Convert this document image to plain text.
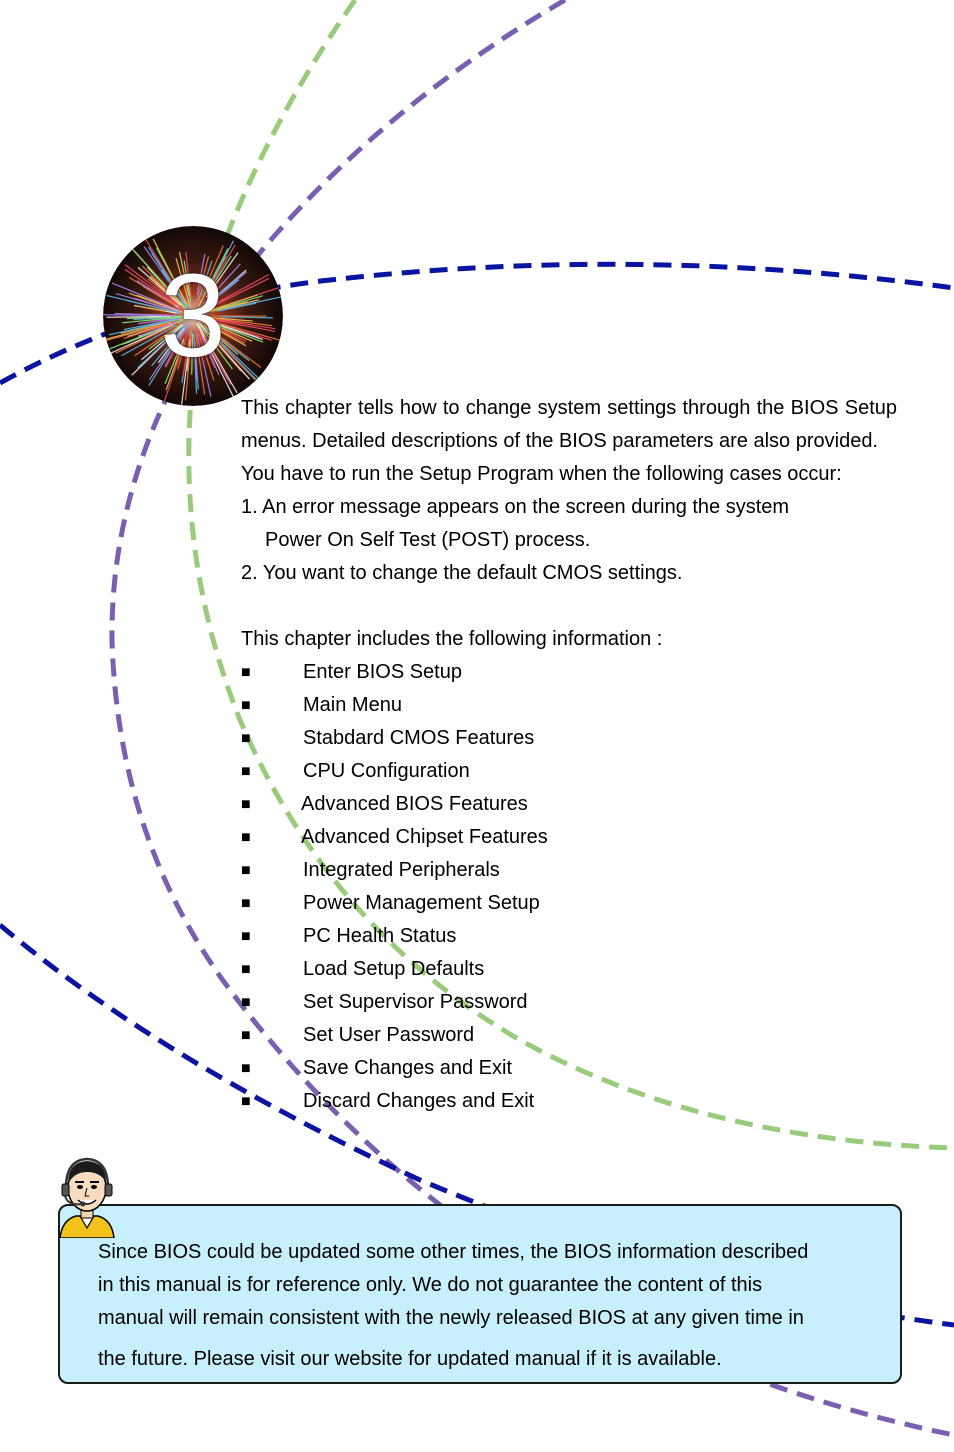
3

This chapter tells how to change system settings through the BIOS Setup menus. Detailed descriptions of the BIOS parameters are also provided.

You have to run the Setup Program when the following cases occur:

1. An error message appears on the screen during the system

Power On Self Test (POST) process.

2. You want to change the default CMOS settings.

This chapter includes the following information :

■	Enter BIOS Setup
■	Main Menu
■	Stabdard CMOS Features
■	CPU Configuration
■	Advanced BIOS Features
■	Advanced Chipset Features
■	Integrated Peripherals
■	Power Management Setup
■	PC Health Status
■	Load Setup Defaults
■	Set Supervisor Password
■	Set User Password
■	Save Changes and Exit
■	Discard Changes and Exit

Since BIOS could be updated some other times, the BIOS information described
in this manual is for reference only. We do not guarantee the content of this
manual will remain consistent with the newly released BIOS at any given time in

the future. Please visit our website for updated manual if it is available.
